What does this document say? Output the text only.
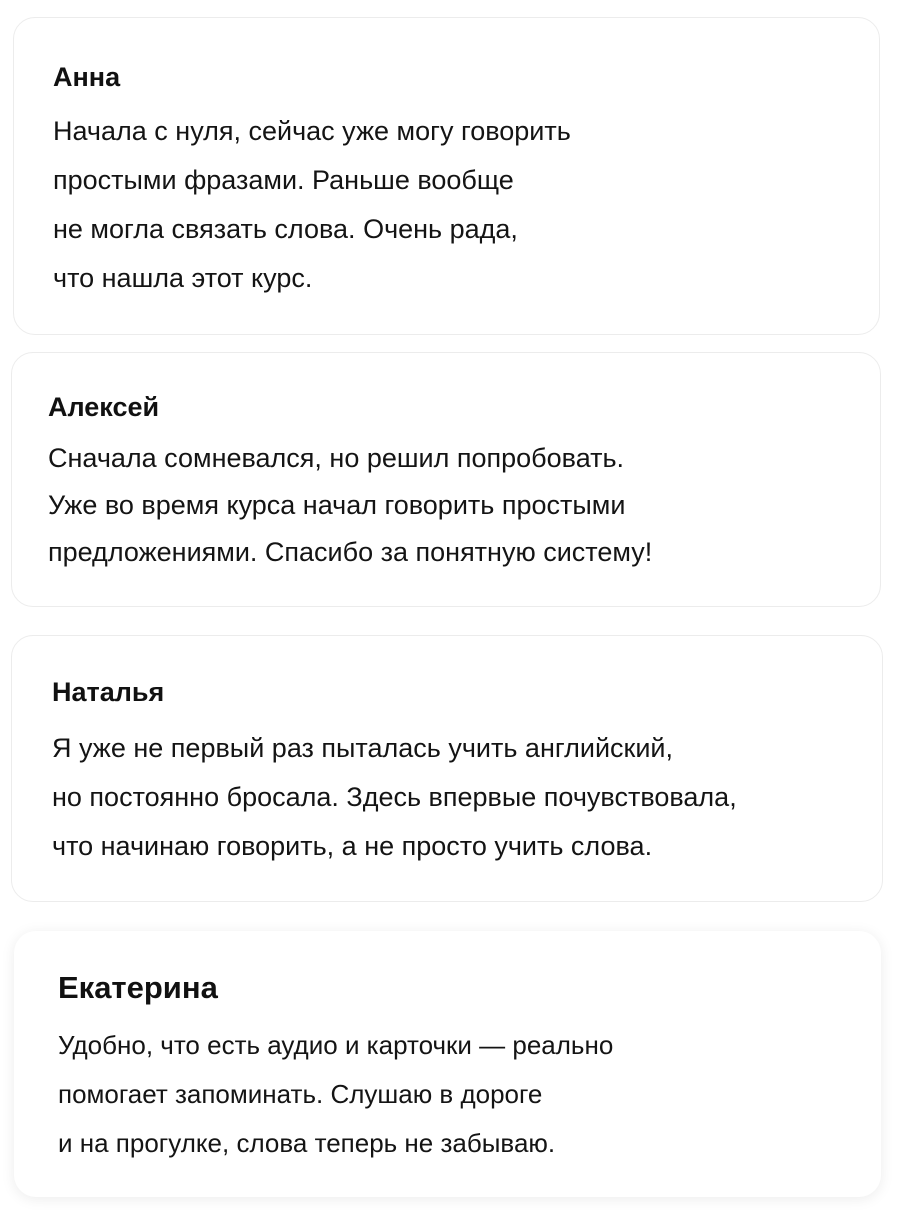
Анна
Начала с нуля, сейчас уже могу говорить
простыми фразами. Раньше вообще
не могла связать слова. Очень рада,
что нашла этот курс.
Алексей
Сначала сомневался, но решил попробовать.
Уже во время курса начал говорить простыми
предложениями. Спасибо за понятную систему!
Наталья
Я уже не первый раз пыталась учить английский,
но постоянно бросала. Здесь впервые почувствовала,
что начинаю говорить, а не просто учить слова.
Екатерина
Удобно, что есть аудио и карточки — реально
помогает запоминать. Слушаю в дороге
и на прогулке, слова теперь не забываю.
